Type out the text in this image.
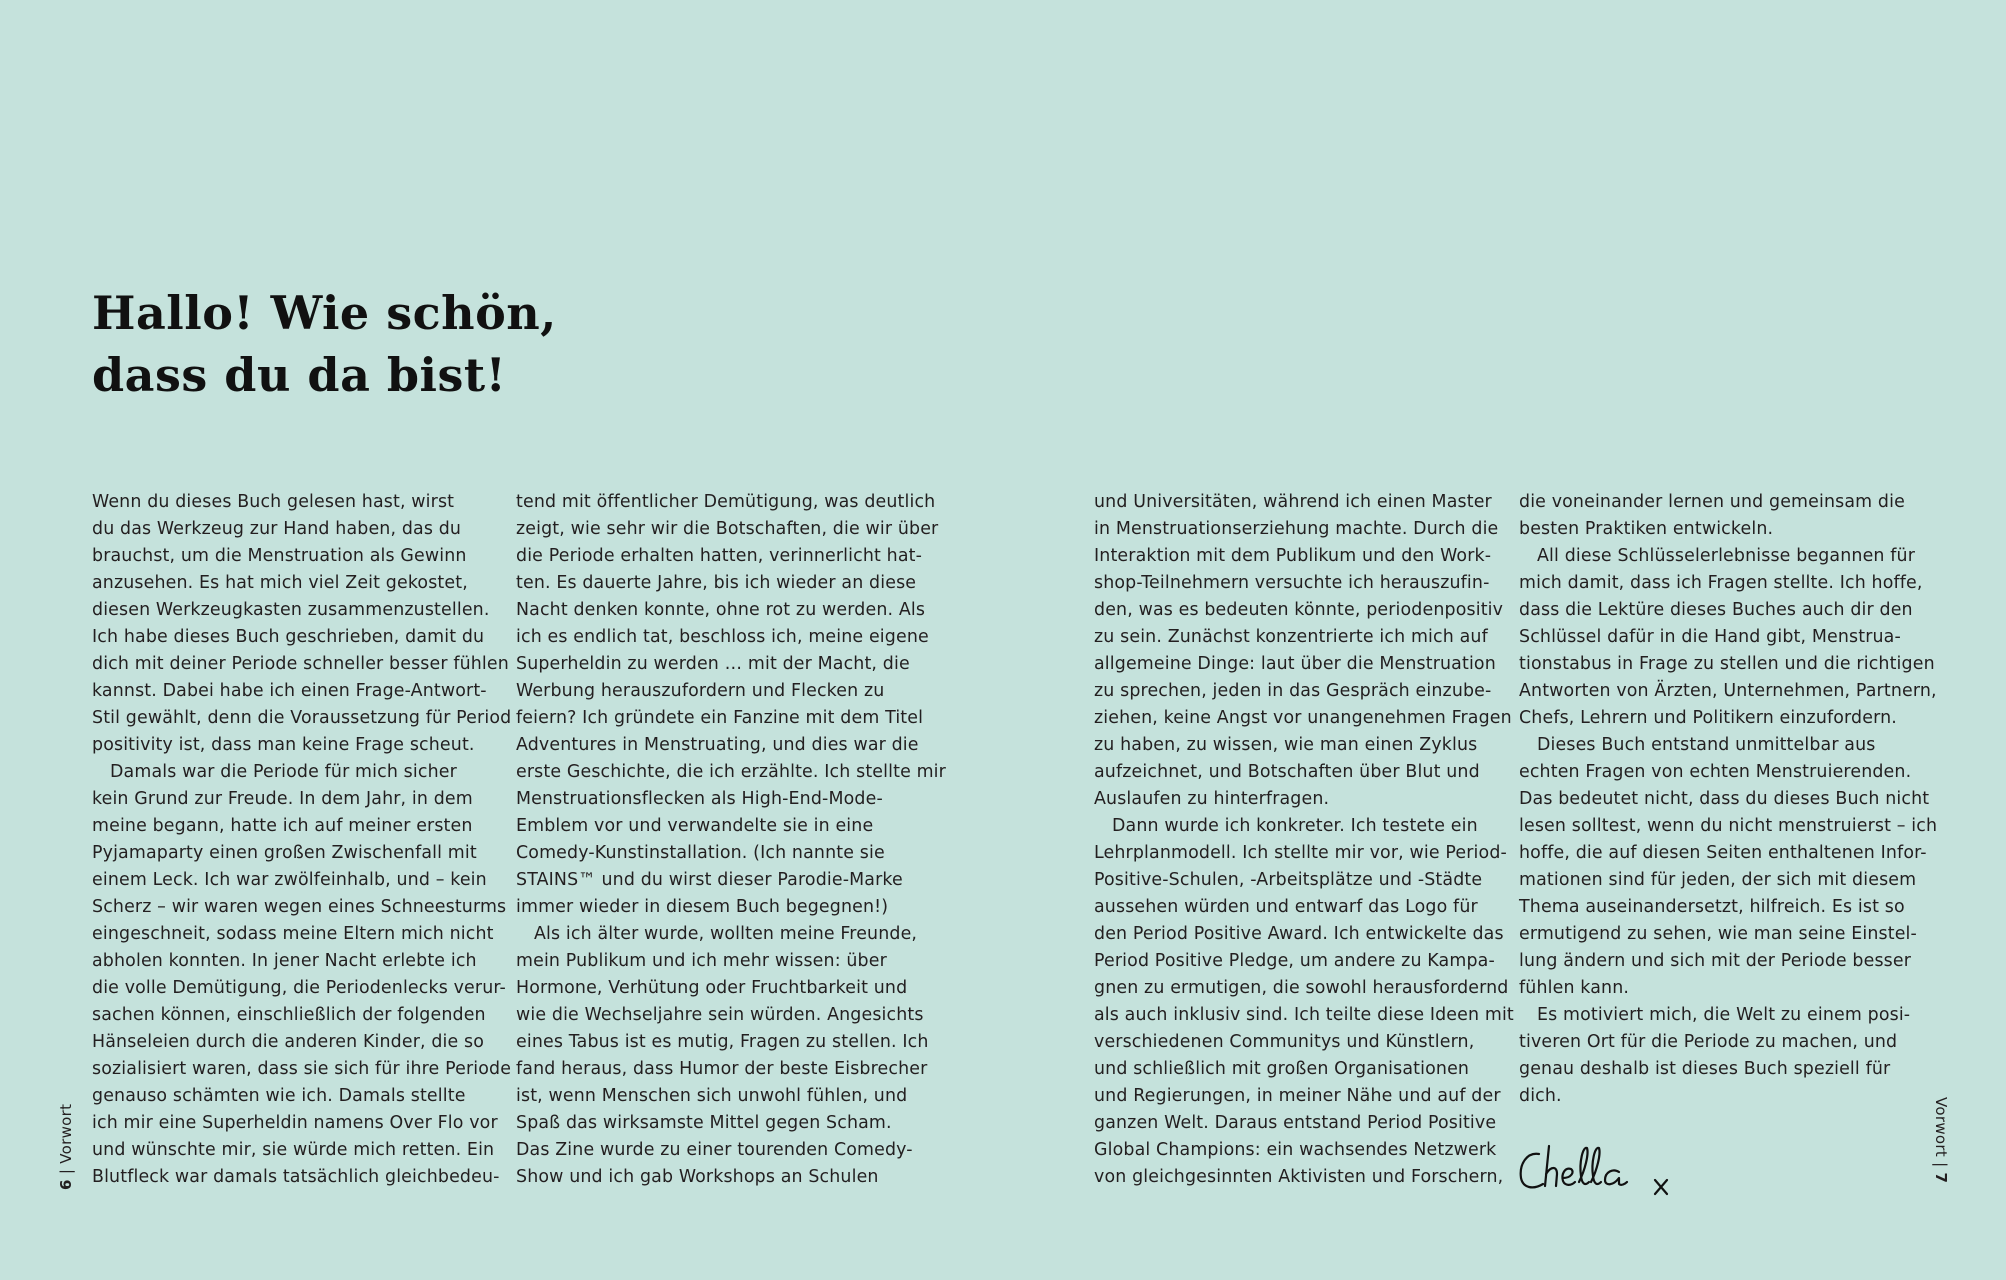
Hallo! Wie schön,
dass du da bist!
Wenn du dieses Buch gelesen hast, wirst
du das Werkzeug zur Hand haben, das du
brauchst, um die Menstruation als Gewinn
anzusehen. Es hat mich viel Zeit gekostet,
diesen Werkzeugkasten zusammenzustellen.
Ich habe dieses Buch geschrieben, damit du
dich mit deiner Periode schneller besser fühlen
kannst. Dabei habe ich einen Frage-Antwort-
Stil gewählt, denn die Voraussetzung für Period
positivity ist, dass man keine Frage scheut.
Damals war die Periode für mich sicher
kein Grund zur Freude. In dem Jahr, in dem
meine begann, hatte ich auf meiner ersten
Pyjamaparty einen großen Zwischenfall mit
einem Leck. Ich war zwölfeinhalb, und – kein
Scherz – wir waren wegen eines Schneesturms
eingeschneit, sodass meine Eltern mich nicht
abholen konnten. In jener Nacht erlebte ich
die volle Demütigung, die Periodenlecks verur-
sachen können, einschließlich der folgenden
Hänseleien durch die anderen Kinder, die so
sozialisiert waren, dass sie sich für ihre Periode
genauso schämten wie ich. Damals stellte
ich mir eine Superheldin namens Over Flo vor
und wünschte mir, sie würde mich retten. Ein
Blutfleck war damals tatsächlich gleichbedeu-
tend mit öffentlicher Demütigung, was deutlich
zeigt, wie sehr wir die Botschaften, die wir über
die Periode erhalten hatten, verinnerlicht hat-
ten. Es dauerte Jahre, bis ich wieder an diese
Nacht denken konnte, ohne rot zu werden. Als
ich es endlich tat, beschloss ich, meine eigene
Superheldin zu werden … mit der Macht, die
Werbung herauszufordern und Flecken zu
feiern? Ich gründete ein Fanzine mit dem Titel
Adventures in Menstruating, und dies war die
erste Geschichte, die ich erzählte. Ich stellte mir
Menstruationsflecken als High-End-Mode-
Emblem vor und verwandelte sie in eine
Comedy-Kunstinstallation. (Ich nannte sie
STAINS™ und du wirst dieser Parodie-Marke
immer wieder in diesem Buch begegnen!)
Als ich älter wurde, wollten meine Freunde,
mein Publikum und ich mehr wissen: über
Hormone, Verhütung oder Fruchtbarkeit und
wie die Wechseljahre sein würden. Angesichts
eines Tabus ist es mutig, Fragen zu stellen. Ich
fand heraus, dass Humor der beste Eisbrecher
ist, wenn Menschen sich unwohl fühlen, und
Spaß das wirksamste Mittel gegen Scham.
Das Zine wurde zu einer tourenden Comedy-
Show und ich gab Workshops an Schulen
und Universitäten, während ich einen Master
in Menstruationserziehung machte. Durch die
Interaktion mit dem Publikum und den Work-
shop-Teilnehmern versuchte ich herauszufin-
den, was es bedeuten könnte, periodenpositiv
zu sein. Zunächst konzentrierte ich mich auf
allgemeine Dinge: laut über die Menstruation
zu sprechen, jeden in das Gespräch einzube-
ziehen, keine Angst vor unangenehmen Fragen
zu haben, zu wissen, wie man einen Zyklus
aufzeichnet, und Botschaften über Blut und
Auslaufen zu hinterfragen.
Dann wurde ich konkreter. Ich testete ein
Lehrplanmodell. Ich stellte mir vor, wie Period-
Positive-Schulen, -Arbeitsplätze und -Städte
aussehen würden und entwarf das Logo für
den Period Positive Award. Ich entwickelte das
Period Positive Pledge, um andere zu Kampa-
gnen zu ermutigen, die sowohl herausfordernd
als auch inklusiv sind. Ich teilte diese Ideen mit
verschiedenen Communitys und Künstlern,
und schließlich mit großen Organisationen
und Regierungen, in meiner Nähe und auf der
ganzen Welt. Daraus entstand Period Positive
Global Champions: ein wachsendes Netzwerk
von gleichgesinnten Aktivisten und Forschern,
die voneinander lernen und gemeinsam die
besten Praktiken entwickeln.
All diese Schlüsselerlebnisse begannen für
mich damit, dass ich Fragen stellte. Ich hoffe,
dass die Lektüre dieses Buches auch dir den
Schlüssel dafür in die Hand gibt, Menstrua-
tionstabus in Frage zu stellen und die richtigen
Antworten von Ärzten, Unternehmen, Partnern,
Chefs, Lehrern und Politikern einzufordern.
Dieses Buch entstand unmittelbar aus
echten Fragen von echten Menstruierenden.
Das bedeutet nicht, dass du dieses Buch nicht
lesen solltest, wenn du nicht menstruierst – ich
hoffe, die auf diesen Seiten enthaltenen Infor-
mationen sind für jeden, der sich mit diesem
Thema auseinandersetzt, hilfreich. Es ist so
ermutigend zu sehen, wie man seine Einstel-
lung ändern und sich mit der Periode besser
fühlen kann.
Es motiviert mich, die Welt zu einem posi-
tiveren Ort für die Periode zu machen, und
genau deshalb ist dieses Buch speziell für
dich.
6 | Vorwort	Vorwort | 7
